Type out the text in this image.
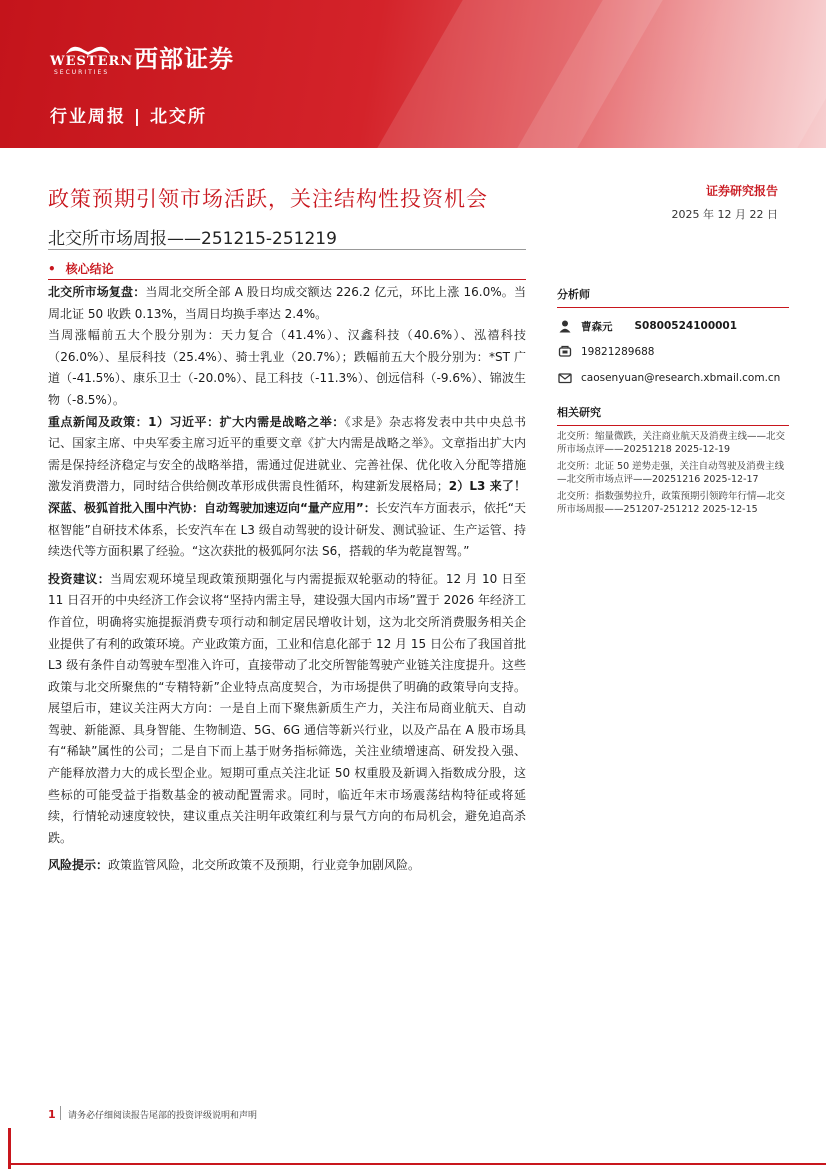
WESTERN
SECURITIES 西部证券
行业周报 | 北交所
政策预期引领市场活跃，关注结构性投资机会
北交所市场周报——251215-251219
证券研究报告
2025 年 12 月 22 日
• 核心结论

北交所市场复盘：当周北交所全部 A 股日均成交额达 226.2 亿元，环比上涨 16.0%。当周北证 50 收跌 0.13%，当周日均换手率达 2.4%。

当周涨幅前五大个股分别为：天力复合（41.4%）、汉鑫科技（40.6%）、泓禧科技（26.0%）、星辰科技（25.4%）、骑士乳业（20.7%）；跌幅前五大个股分别为：*ST 广道（-41.5%）、康乐卫士（-20.0%）、昆工科技（-11.3%）、创远信科（-9.6%）、锦波生物（-8.5%）。

重点新闻及政策：1）习近平：扩大内需是战略之举：《求是》杂志将发表中共中央总书记、国家主席、中央军委主席习近平的重要文章《扩大内需是战略之举》。文章指出扩大内需是保持经济稳定与安全的战略举措，需通过促进就业、完善社保、优化收入分配等措施激发消费潜力，同时结合供给侧改革形成供需良性循环，构建新发展格局；2）L3 来了！深蓝、极狐首批入围中汽协：自动驾驶加速迈向“量产应用”：长安汽车方面表示，依托“天枢智能”自研技术体系，长安汽车在 L3 级自动驾驶的设计研发、测试验证、生产运管、持续迭代等方面积累了经验。“这次获批的极狐阿尔法 S6，搭载的华为乾崑智驾。”

投资建议：当周宏观环境呈现政策预期强化与内需提振双轮驱动的特征。12 月 10 日至 11 日召开的中央经济工作会议将“坚持内需主导，建设强大国内市场”置于 2026 年经济工作首位，明确将实施提振消费专项行动和制定居民增收计划，这为北交所消费服务相关企业提供了有利的政策环境。产业政策方面，工业和信息化部于 12 月 15 日公布了我国首批 L3 级有条件自动驾驶车型准入许可，直接带动了北交所智能驾驶产业链关注度提升。这些政策与北交所聚焦的“专精特新”企业特点高度契合，为市场提供了明确的政策导向支持。展望后市，建议关注两大方向：一是自上而下聚焦新质生产力，关注布局商业航天、自动驾驶、新能源、具身智能、生物制造、5G、6G 通信等新兴行业，以及产品在 A 股市场具有“稀缺”属性的公司；二是自下而上基于财务指标筛选，关注业绩增速高、研发投入强、产能释放潜力大的成长型企业。短期可重点关注北证 50 权重股及新调入指数成分股，这些标的可能受益于指数基金的被动配置需求。同时，临近年末市场震荡结构特征或将延续，行情轮动速度较快，建议重点关注明年政策红利与景气方向的布局机会，避免追高杀跌。

风险提示：政策监管风险，北交所政策不及预期，行业竞争加剧风险。

分析师
曹森元 S0800524100001
19821289688
caosenyuan@research.xbmail.com.cn
相关研究
北交所：缩量微跌，关注商业航天及消费主线——北交所市场点评——20251218 2025-12-19
北交所：北证 50 逆势走强，关注自动驾驶及消费主线—北交所市场点评——20251216 2025-12-17
北交所：指数强势拉升，政策预期引领跨年行情—北交所市场周报——251207-251212 2025-12-15
1 请务必仔细阅读报告尾部的投资评级说明和声明
